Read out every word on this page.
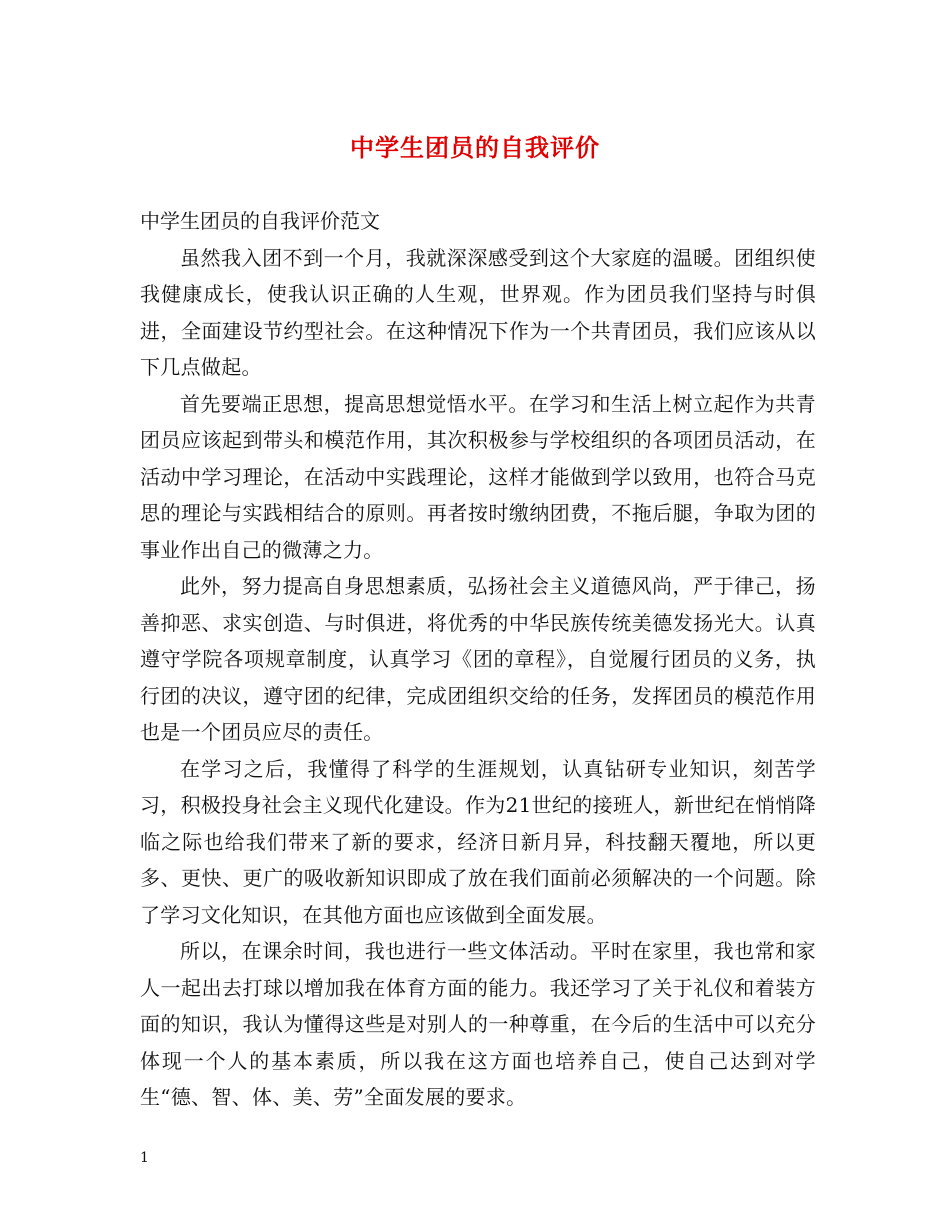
中学生团员的自我评价

中学生团员的自我评价范文

虽然我入团不到一个月，我就深深感受到这个大家庭的温暖。团组织使我健康成长，使我认识正确的人生观，世界观。作为团员我们坚持与时俱进，全面建设节约型社会。在这种情况下作为一个共青团员，我们应该从以下几点做起。

首先要端正思想，提高思想觉悟水平。在学习和生活上树立起作为共青团员应该起到带头和模范作用，其次积极参与学校组织的各项团员活动，在活动中学习理论，在活动中实践理论，这样才能做到学以致用，也符合马克思的理论与实践相结合的原则。再者按时缴纳团费，不拖后腿，争取为团的事业作出自己的微薄之力。

此外，努力提高自身思想素质，弘扬社会主义道德风尚，严于律己，扬善抑恶、求实创造、与时俱进，将优秀的中华民族传统美德发扬光大。认真遵守学院各项规章制度，认真学习《团的章程》，自觉履行团员的义务，执行团的决议，遵守团的纪律，完成团组织交给的任务，发挥团员的模范作用也是一个团员应尽的责任。

在学习之后，我懂得了科学的生涯规划，认真钻研专业知识，刻苦学习，积极投身社会主义现代化建设。作为21世纪的接班人，新世纪在悄悄降临之际也给我们带来了新的要求，经济日新月异，科技翻天覆地，所以更多、更快、更广的吸收新知识即成了放在我们面前必须解决的一个问题。除了学习文化知识，在其他方面也应该做到全面发展。

所以，在课余时间，我也进行一些文体活动。平时在家里，我也常和家人一起出去打球以增加我在体育方面的能力。我还学习了关于礼仪和着装方面的知识，我认为懂得这些是对别人的一种尊重，在今后的生活中可以充分体现一个人的基本素质，所以我在这方面也培养自己，使自己达到对学生“德、智、体、美、劳”全面发展的要求。

1
